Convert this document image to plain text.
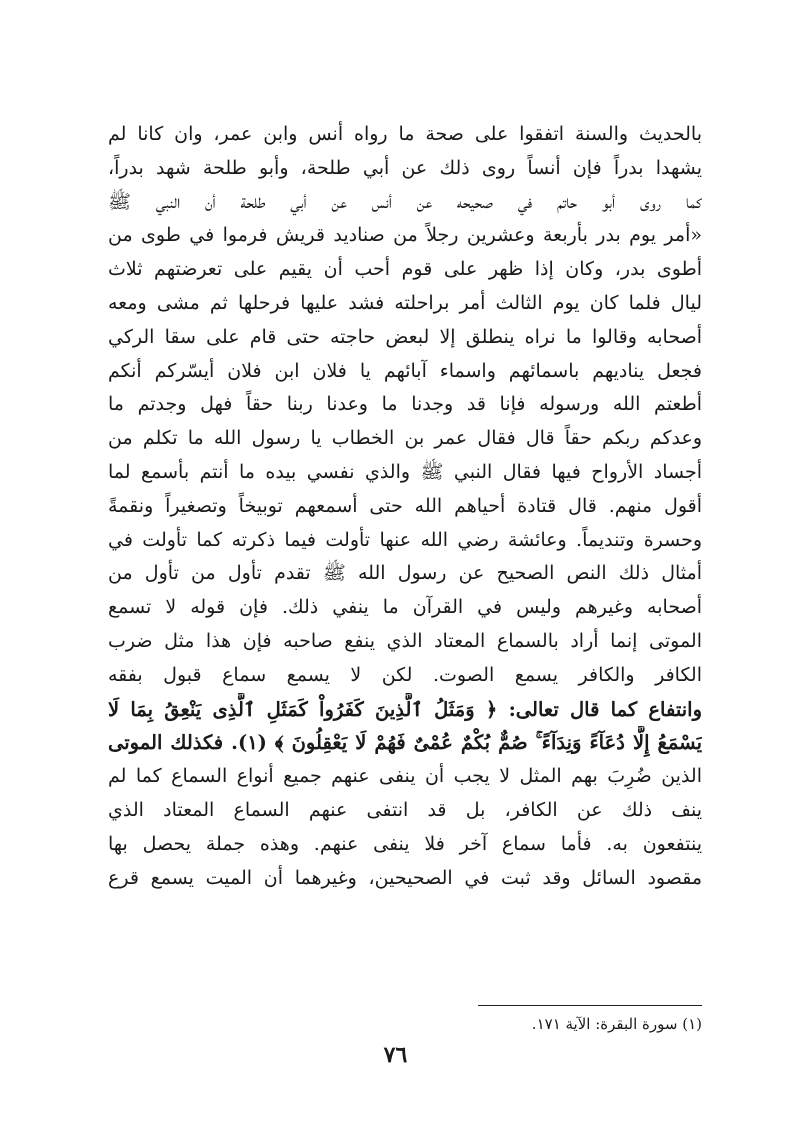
بالحديث والسنة اتفقوا على صحة ما رواه أنس وابن عمر، وان كانا لم
يشهدا بدراً فإن أنساً روى ذلك عن أبي طلحة، وأبو طلحة شهد بدراً،
كما روى أبو حاتم في صحيحه عن أنس عن أبي طلحة أن النبي ﷺ
«أمر يوم بدر بأربعة وعشرين رجلاً من صناديد قريش فرموا في طوى من
أطوى بدر، وكان إذا ظهر على قوم أحب أن يقيم على تعرضتهم ثلاث
ليال فلما كان يوم الثالث أمر براحلته فشد عليها فرحلها ثم مشى ومعه
أصحابه وقالوا ما نراه ينطلق إلا لبعض حاجته حتى قام على سقا الركي
فجعل يناديهم باسمائهم واسماء آبائهم يا فلان ابن فلان أيسّركم أنكم
أطعتم الله ورسوله فإنا قد وجدنا ما وعدنا ربنا حقاً فهل وجدتم ما
وعدكم ربكم حقاً قال فقال عمر بن الخطاب يا رسول الله ما تكلم من
أجساد الأرواح فيها فقال النبي ﷺ والذي نفسي بيده ما أنتم بأسمع لما
أقول منهم. قال قتادة أحياهم الله حتى أسمعهم توبيخاً وتصغيراً ونقمةً
وحسرة وتنديماً. وعائشة رضي الله عنها تأولت فيما ذكرته كما تأولت في
أمثال ذلك النص الصحيح عن رسول الله ﷺ تقدم تأول من تأول من
أصحابه وغيرهم وليس في القرآن ما ينفي ذلك. فإن قوله لا تسمع
الموتى إنما أراد بالسماع المعتاد الذي ينفع صاحبه فإن هذا مثل ضرب
الكافر والكافر يسمع الصوت. لكن لا يسمع سماع قبول بفقه
وانتفاع كما قال تعالى: ﴿ وَمَثَلُ ٱلَّذِينَ كَفَرُواْ كَمَثَلِ ٱلَّذِى يَنْعِقُ بِمَا لَا
يَسْمَعُ إِلَّا دُعَآءً وَنِدَآءً ۚ صُمٌّ بُكْمٌ عُمْىٌ فَهُمْ لَا يَعْقِلُونَ ﴾ (١). فكذلك الموتى
الذين ضُرِبَ بهم المثل لا يجب أن ينفى عنهم جميع أنواع السماع كما لم
ينف ذلك عن الكافر، بل قد انتفى عنهم السماع المعتاد الذي
ينتفعون به. فأما سماع آخر فلا ينفى عنهم. وهذه جملة يحصل بها
مقصود السائل وقد ثبت في الصحيحين، وغيرهما أن الميت يسمع قرع
(١) سورة البقرة: الآية ١٧١.
٧٦
